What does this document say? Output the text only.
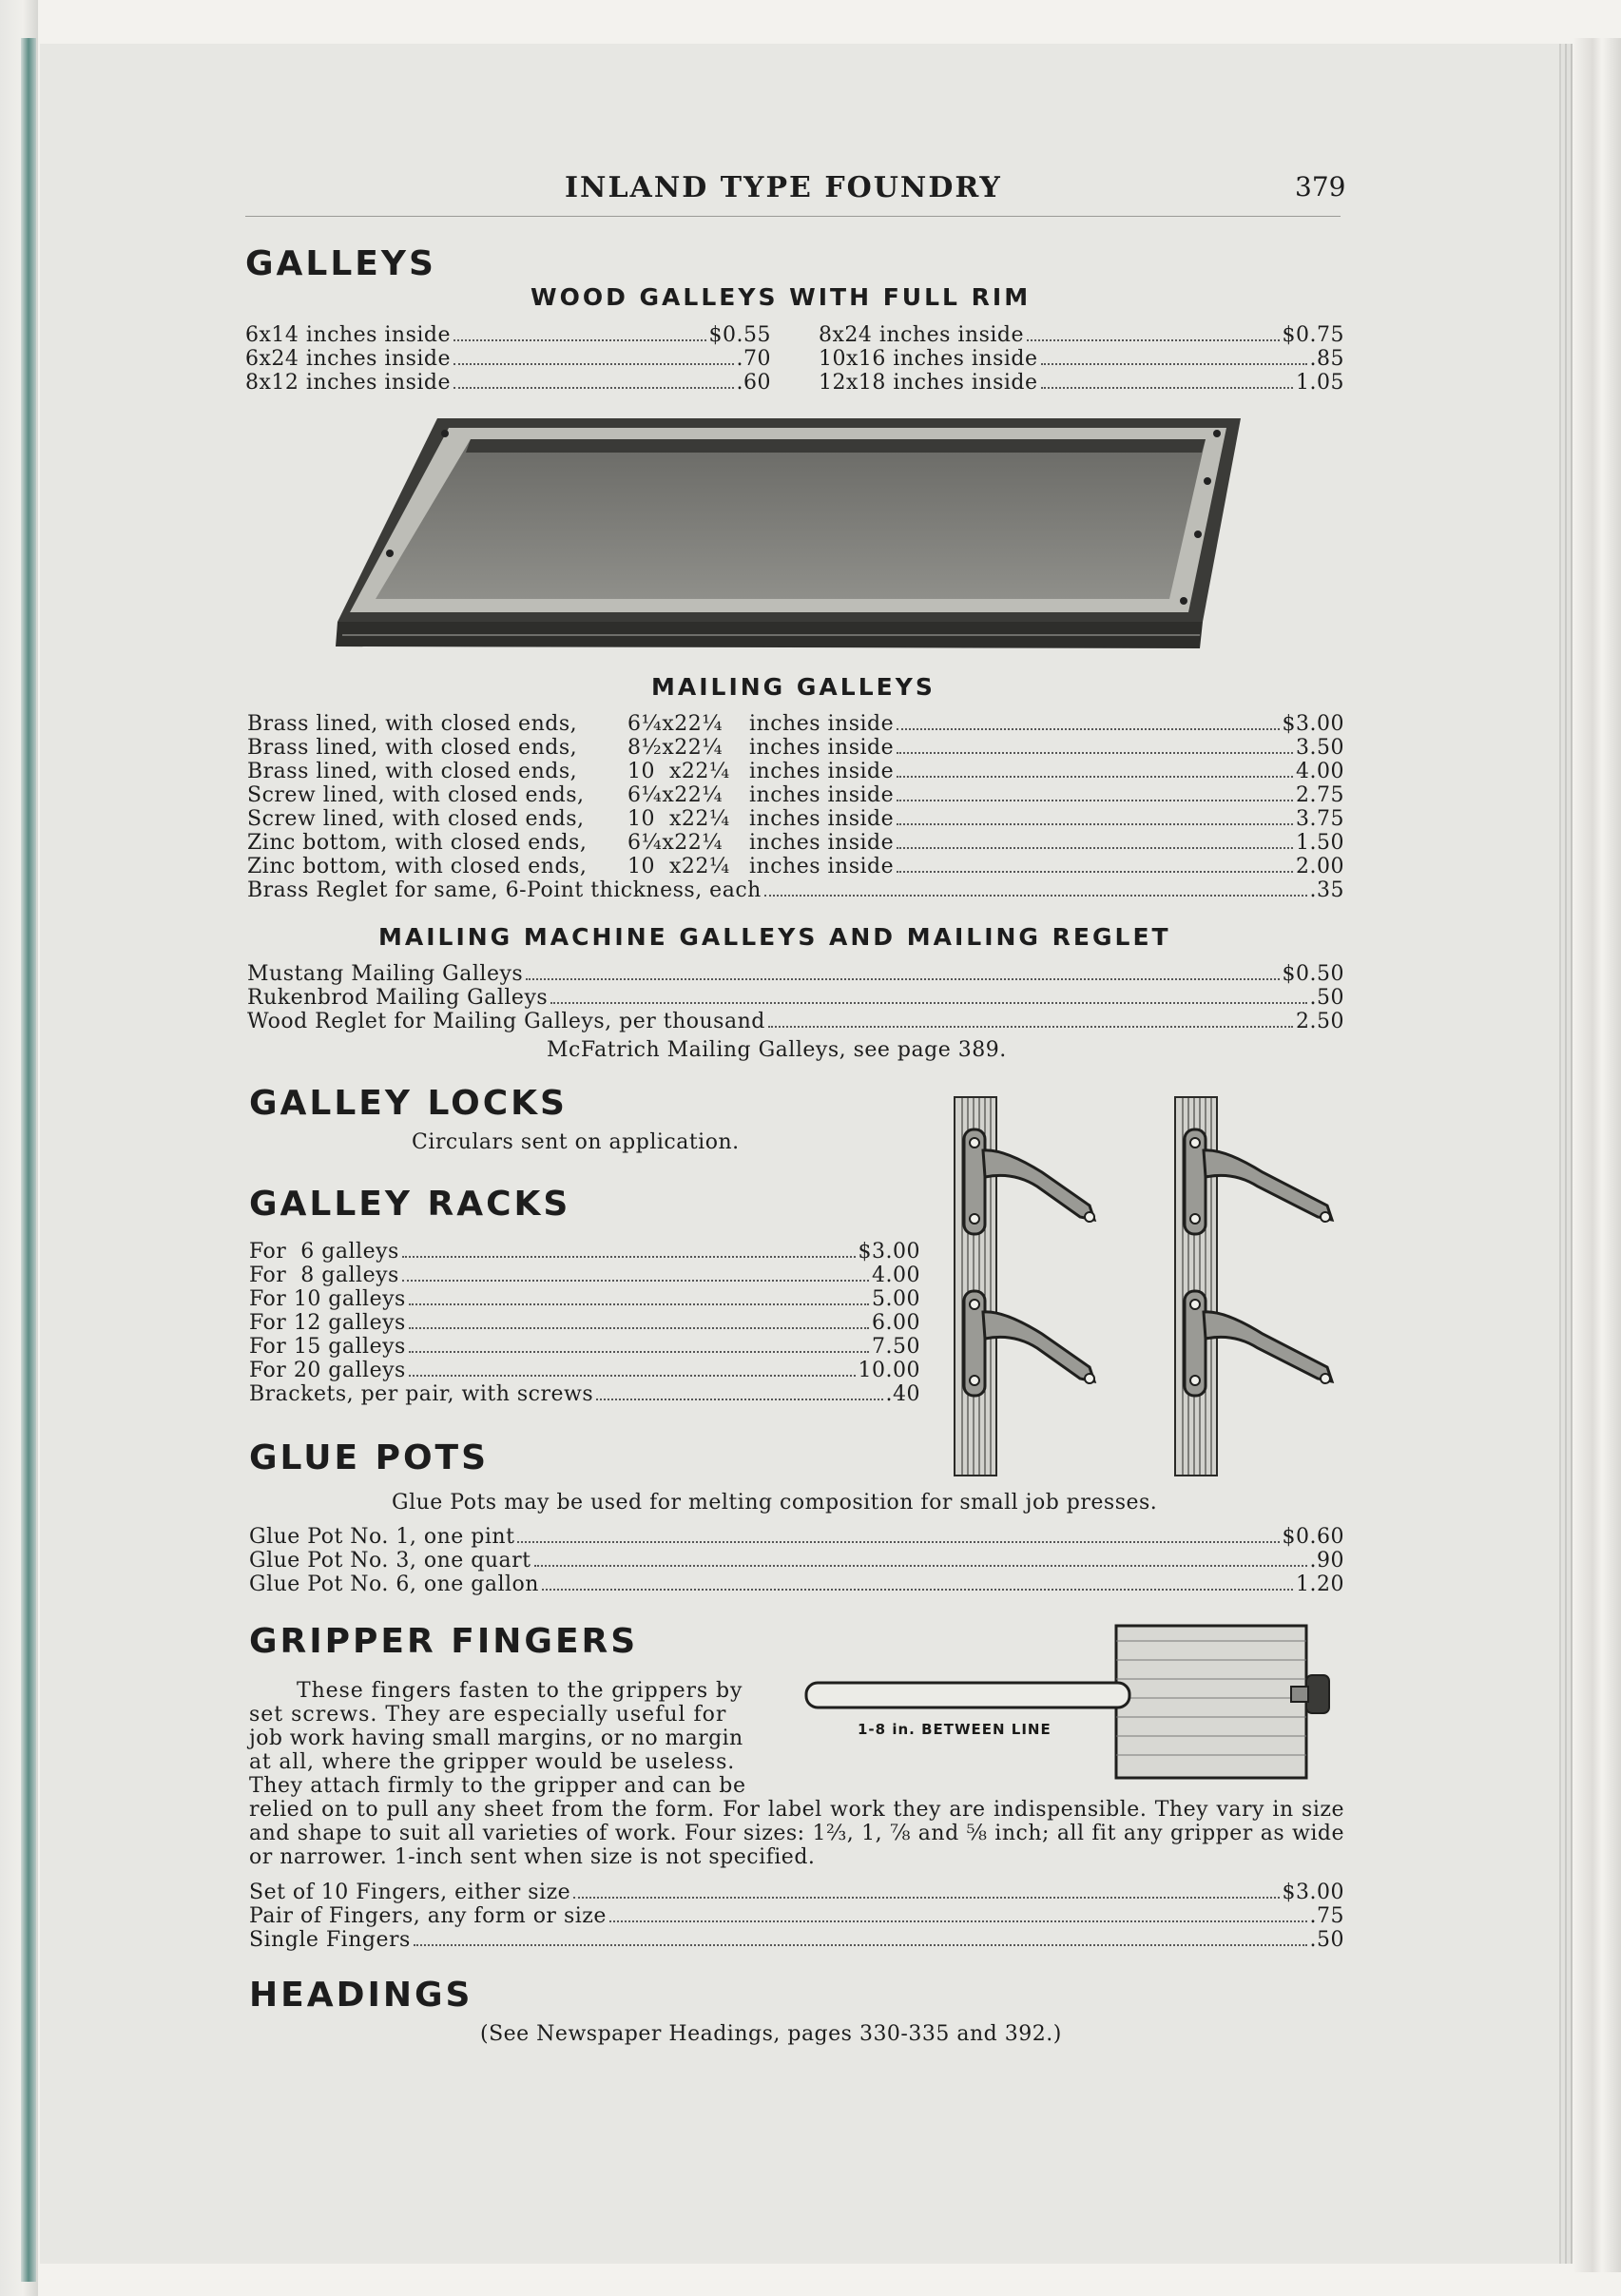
INLAND TYPE FOUNDRY	379
GALLEYS
WOOD GALLEYS WITH FULL RIM
6x14 inches inside	$0.55
6x24 inches inside	.70
8x12 inches inside	.60
8x24 inches inside	$0.75
10x16 inches inside	.85
12x18 inches inside	1.05
MAILING GALLEYS
Brass lined, with closed ends,	6¼x22¼	inches inside	$3.00
Brass lined, with closed ends,	8½x22¼	inches inside	3.50
Brass lined, with closed ends,	10  x22¼ inches inside	4.00
Screw lined, with closed ends,	6¼x22¼	inches inside	2.75
Screw lined, with closed ends,	10  x22¼ inches inside	3.75
Zinc bottom, with closed ends,	6¼x22¼	inches inside	1.50
Zinc bottom, with closed ends,	10  x22¼ inches inside	2.00
Brass Reglet for same, 6-Point thickness, each	.35
MAILING MACHINE GALLEYS AND MAILING REGLET
Mustang Mailing Galleys	$0.50
Rukenbrod Mailing Galleys	.50
Wood Reglet for Mailing Galleys, per thousand	2.50
McFatrich Mailing Galleys, see page 389.
GALLEY LOCKS
Circulars sent on application.
GALLEY RACKS
For  6 galleys	$3.00
For  8 galleys	4.00
For 10 galleys	5.00
For 12 galleys	6.00
For 15 galleys	7.50
For 20 galleys	10.00
Brackets, per pair, with screws	.40
GLUE POTS
Glue Pots may be used for melting composition for small job presses.
Glue Pot No. 1, one pint	$0.60
Glue Pot No. 3, one quart	.90
Glue Pot No. 6, one gallon	1.20
GRIPPER FINGERS
These fingers fasten to the grippers by
set screws. They are especially useful for
job work having small margins, or no margin
at all, where the gripper would be useless.
They attach firmly to the gripper and can be
relied on to pull any sheet from the form. For label work they are indispensible. They vary in size and shape to suit all varieties of work. Four sizes: 1⅔, 1, ⅞ and ⅝ inch; all fit any gripper as wide or narrower. 1-inch sent when size is not specified.
1-8 in. BETWEEN LINE
Set of 10 Fingers, either size	$3.00
Pair of Fingers, any form or size	.75
Single Fingers	.50
HEADINGS
(See Newspaper Headings, pages 330-335 and 392.)
